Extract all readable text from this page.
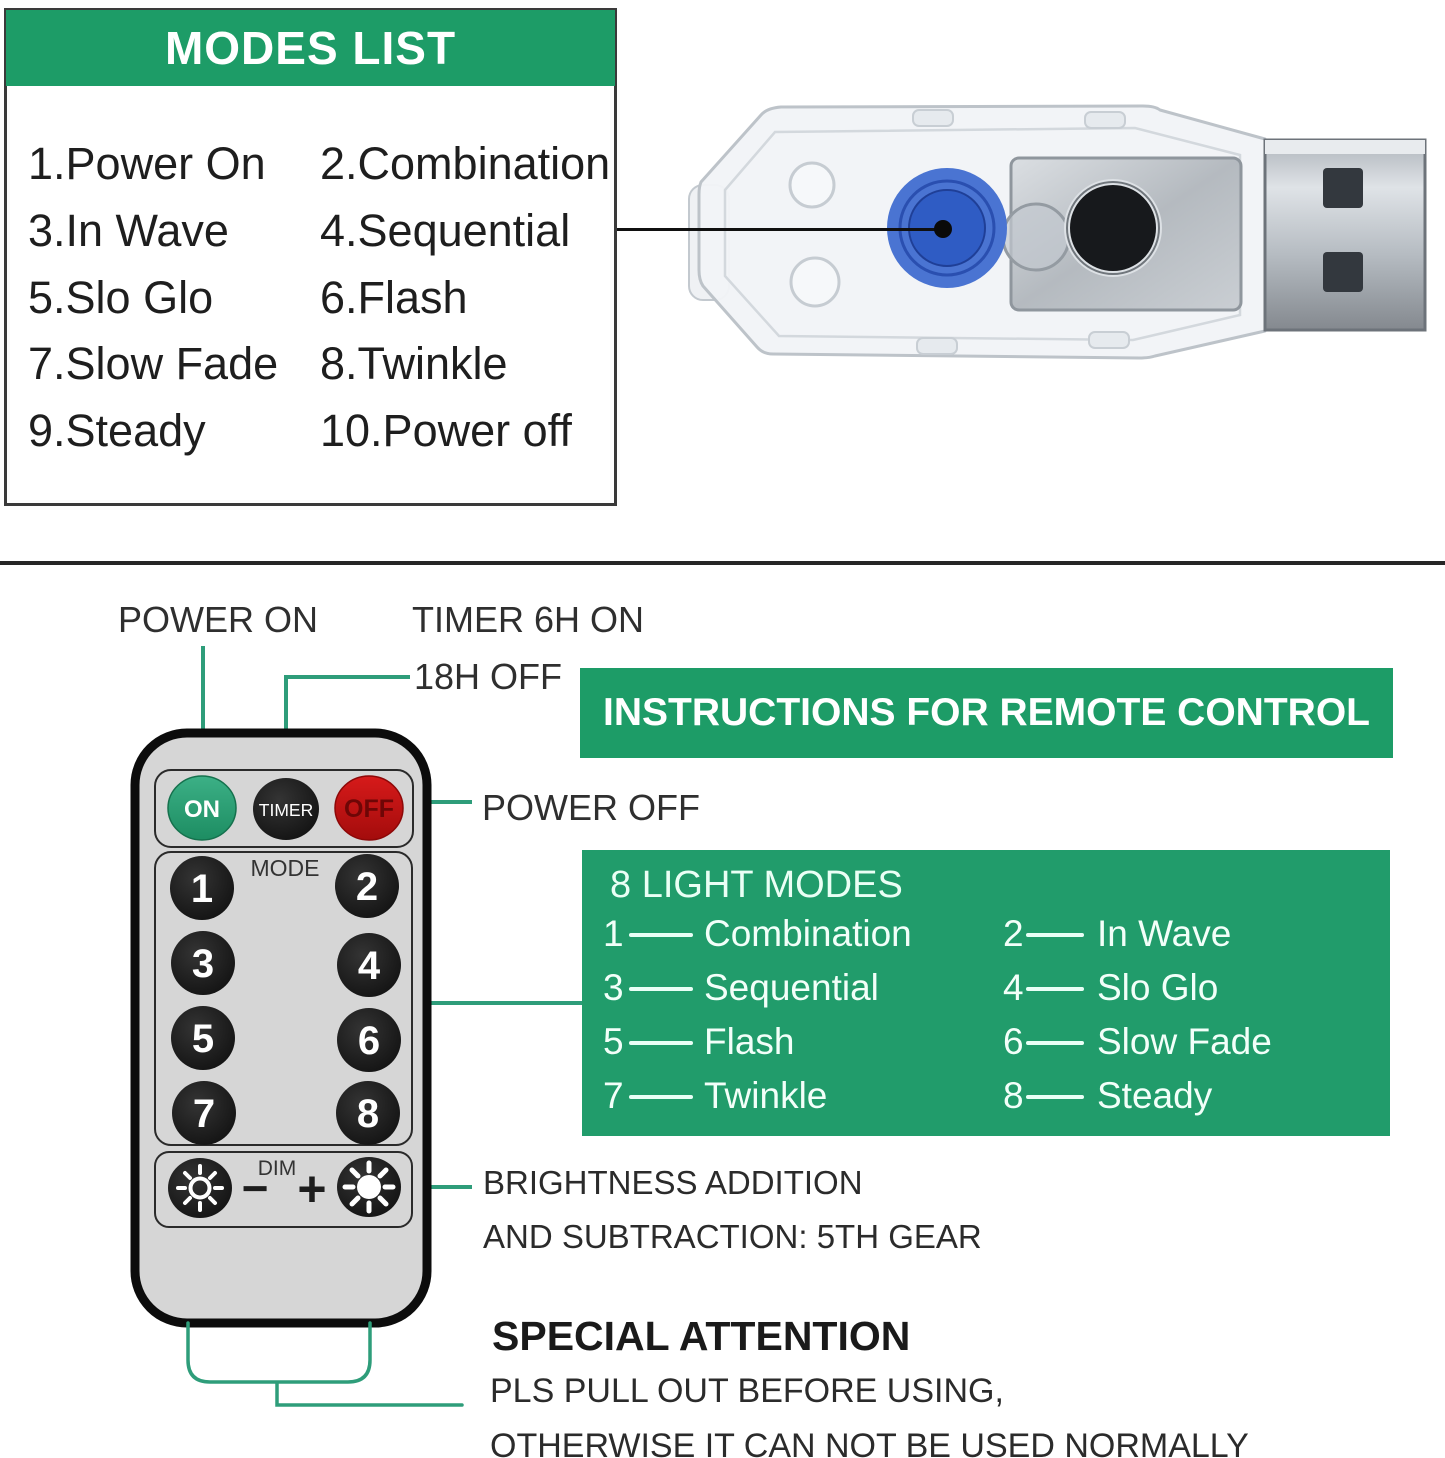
MODES LIST
1.Power On 2.Combination
3.In Wave 4.Sequential
5.Slo Glo 6.Flash
7.Slow Fade 8.Twinkle
9.Steady	10.Power off
POWER ON	TIMER 6H ON
18H OFF
POWER OFF
ON TIMER OFF
MODE
1	2
3	4
5	6
7	8
DIM
− +
INSTRUCTIONS FOR REMOTE CONTROL
8 LIGHT MODES
1 Combination 2 In Wave
3 Sequential	4 Slo Glo
5 Flash	6 Slow Fade
7 Twinkle	8 Steady
BRIGHTNESS ADDITION
AND SUBTRACTION: 5TH GEAR
SPECIAL ATTENTION
PLS PULL OUT BEFORE USING,
OTHERWISE IT CAN NOT BE USED NORMALLY
